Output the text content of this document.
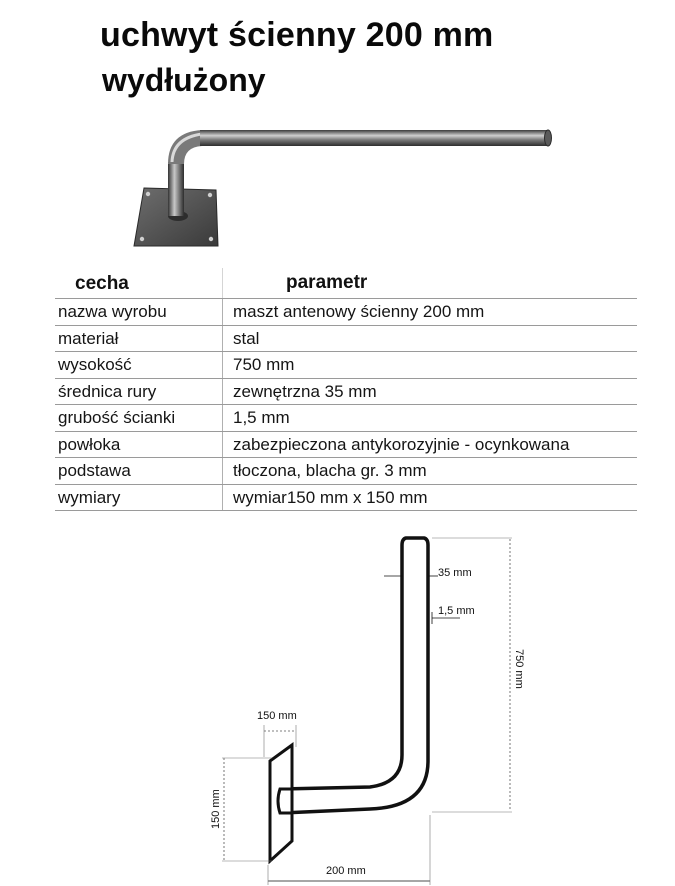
uchwyt ścienny 200 mm
wydłużony
cecha	parametr
nazwa wyrobu	maszt antenowy ścienny 200 mm
materiał	stal
wysokość	750 mm
średnica rury	zewnętrzna 35 mm
grubość ścianki	1,5 mm
powłoka	zabezpieczona antykorozyjnie - ocynkowana
podstawa	tłoczona, blacha gr. 3 mm
wymiary	wymiar150 mm x 150 mm
750 mm
35 mm
1,5 mm
150 mm
150 mm
200 mm
